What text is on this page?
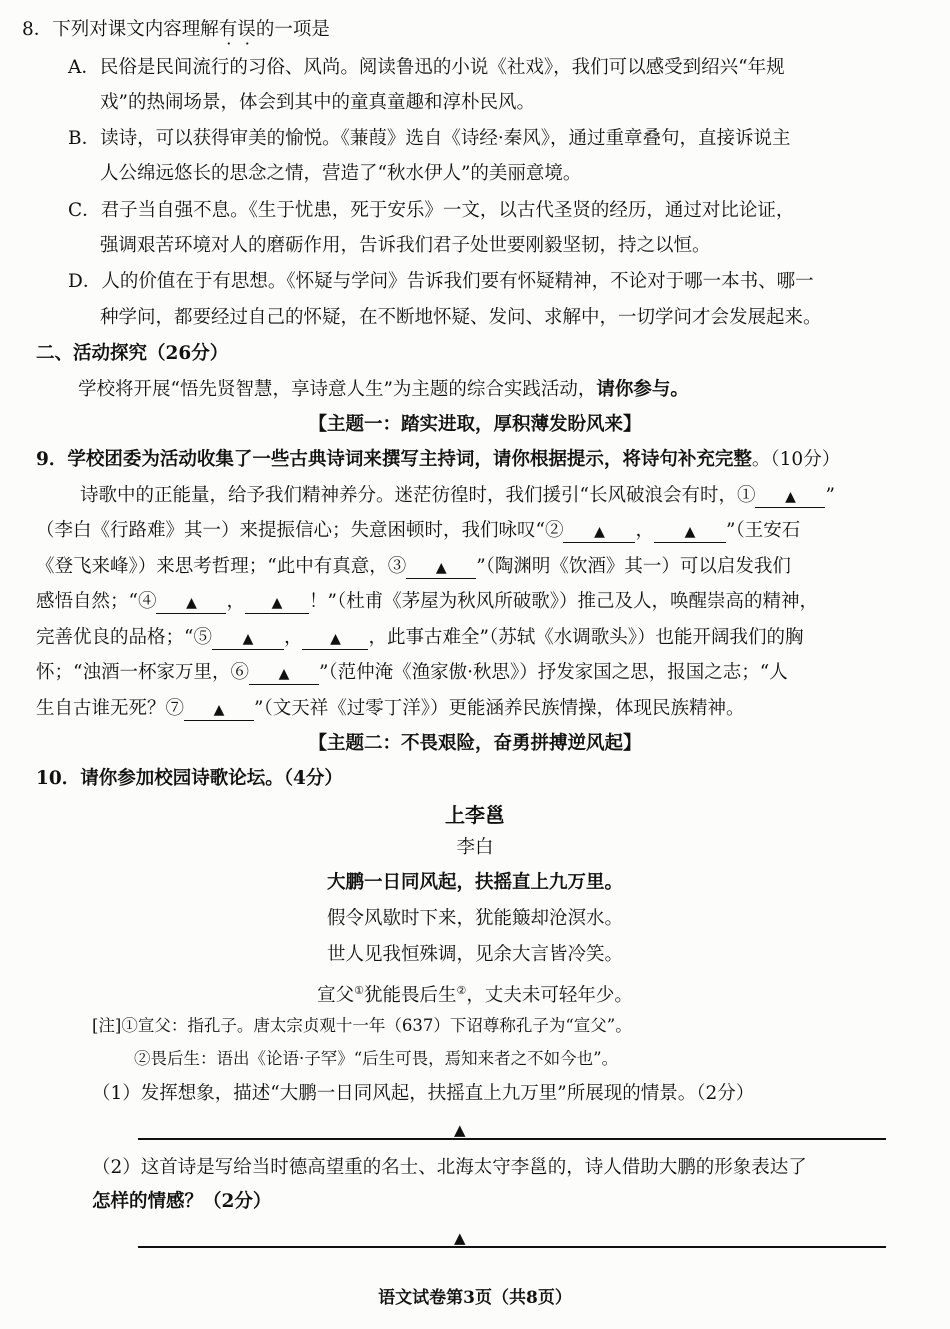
8．下列对课文内容理解有误的一项是
A．民俗是民间流行的习俗、风尚。阅读鲁迅的小说《社戏》，我们可以感受到绍兴“年规
戏”的热闹场景，体会到其中的童真童趣和淳朴民风。
B．读诗，可以获得审美的愉悦。《蒹葭》选自《诗经·秦风》，通过重章叠句，直接诉说主
人公绵远悠长的思念之情，营造了“秋水伊人”的美丽意境。
C．君子当自强不息。《生于忧患，死于安乐》一文，以古代圣贤的经历，通过对比论证，
强调艰苦环境对人的磨砺作用，告诉我们君子处世要刚毅坚韧，持之以恒。
D．人的价值在于有思想。《怀疑与学问》告诉我们要有怀疑精神，不论对于哪一本书、哪一
种学问，都要经过自己的怀疑，在不断地怀疑、发问、求解中，一切学问才会发展起来。
二、活动探究（26分）
学校将开展“悟先贤智慧，享诗意人生”为主题的综合实践活动，请你参与。
【主题一：踏实进取，厚积薄发盼风来】
9．学校团委为活动收集了一些古典诗词来撰写主持词，请你根据提示，将诗句补充完整。（10分）
诗歌中的正能量，给予我们精神养分。迷茫彷徨时，我们援引“长风破浪会有时，① ▲ ”
（李白《行路难》其一）来提振信心；失意困顿时，我们咏叹“② ▲ ， ▲ ”（王安石
《登飞来峰》）来思考哲理；“此中有真意，③ ▲ ”（陶渊明《饮酒》其一）可以启发我们
感悟自然；“④ ▲ ， ▲ ！”（杜甫《茅屋为秋风所破歌》）推己及人，唤醒崇高的精神，
完善优良的品格；“⑤ ▲ ， ▲ ，此事古难全”（苏轼《水调歌头》）也能开阔我们的胸
怀；“浊酒一杯家万里，⑥ ▲ ”（范仲淹《渔家傲·秋思》）抒发家国之思，报国之志；“人
生自古谁无死？⑦ ▲ ”（文天祥《过零丁洋》）更能涵养民族情操，体现民族精神。
【主题二：不畏艰险，奋勇拼搏逆风起】
10．请你参加校园诗歌论坛。（4分）
上李邕
李白
大鹏一日同风起，扶摇直上九万里。
假令风歇时下来，犹能簸却沧溟水。
世人见我恒殊调，见余大言皆冷笑。
宣父①犹能畏后生②，丈夫未可轻年少。
[注]①宣父：指孔子。唐太宗贞观十一年（637）下诏尊称孔子为“宣父”。
②畏后生：语出《论语·子罕》“后生可畏，焉知来者之不如今也”。
（1）发挥想象，描述“大鹏一日同风起，扶摇直上九万里”所展现的情景。（2分）
▲
（2）这首诗是写给当时德高望重的名士、北海太守李邕的，诗人借助大鹏的形象表达了
怎样的情感？（2分）
▲
语文试卷第3页（共8页）
